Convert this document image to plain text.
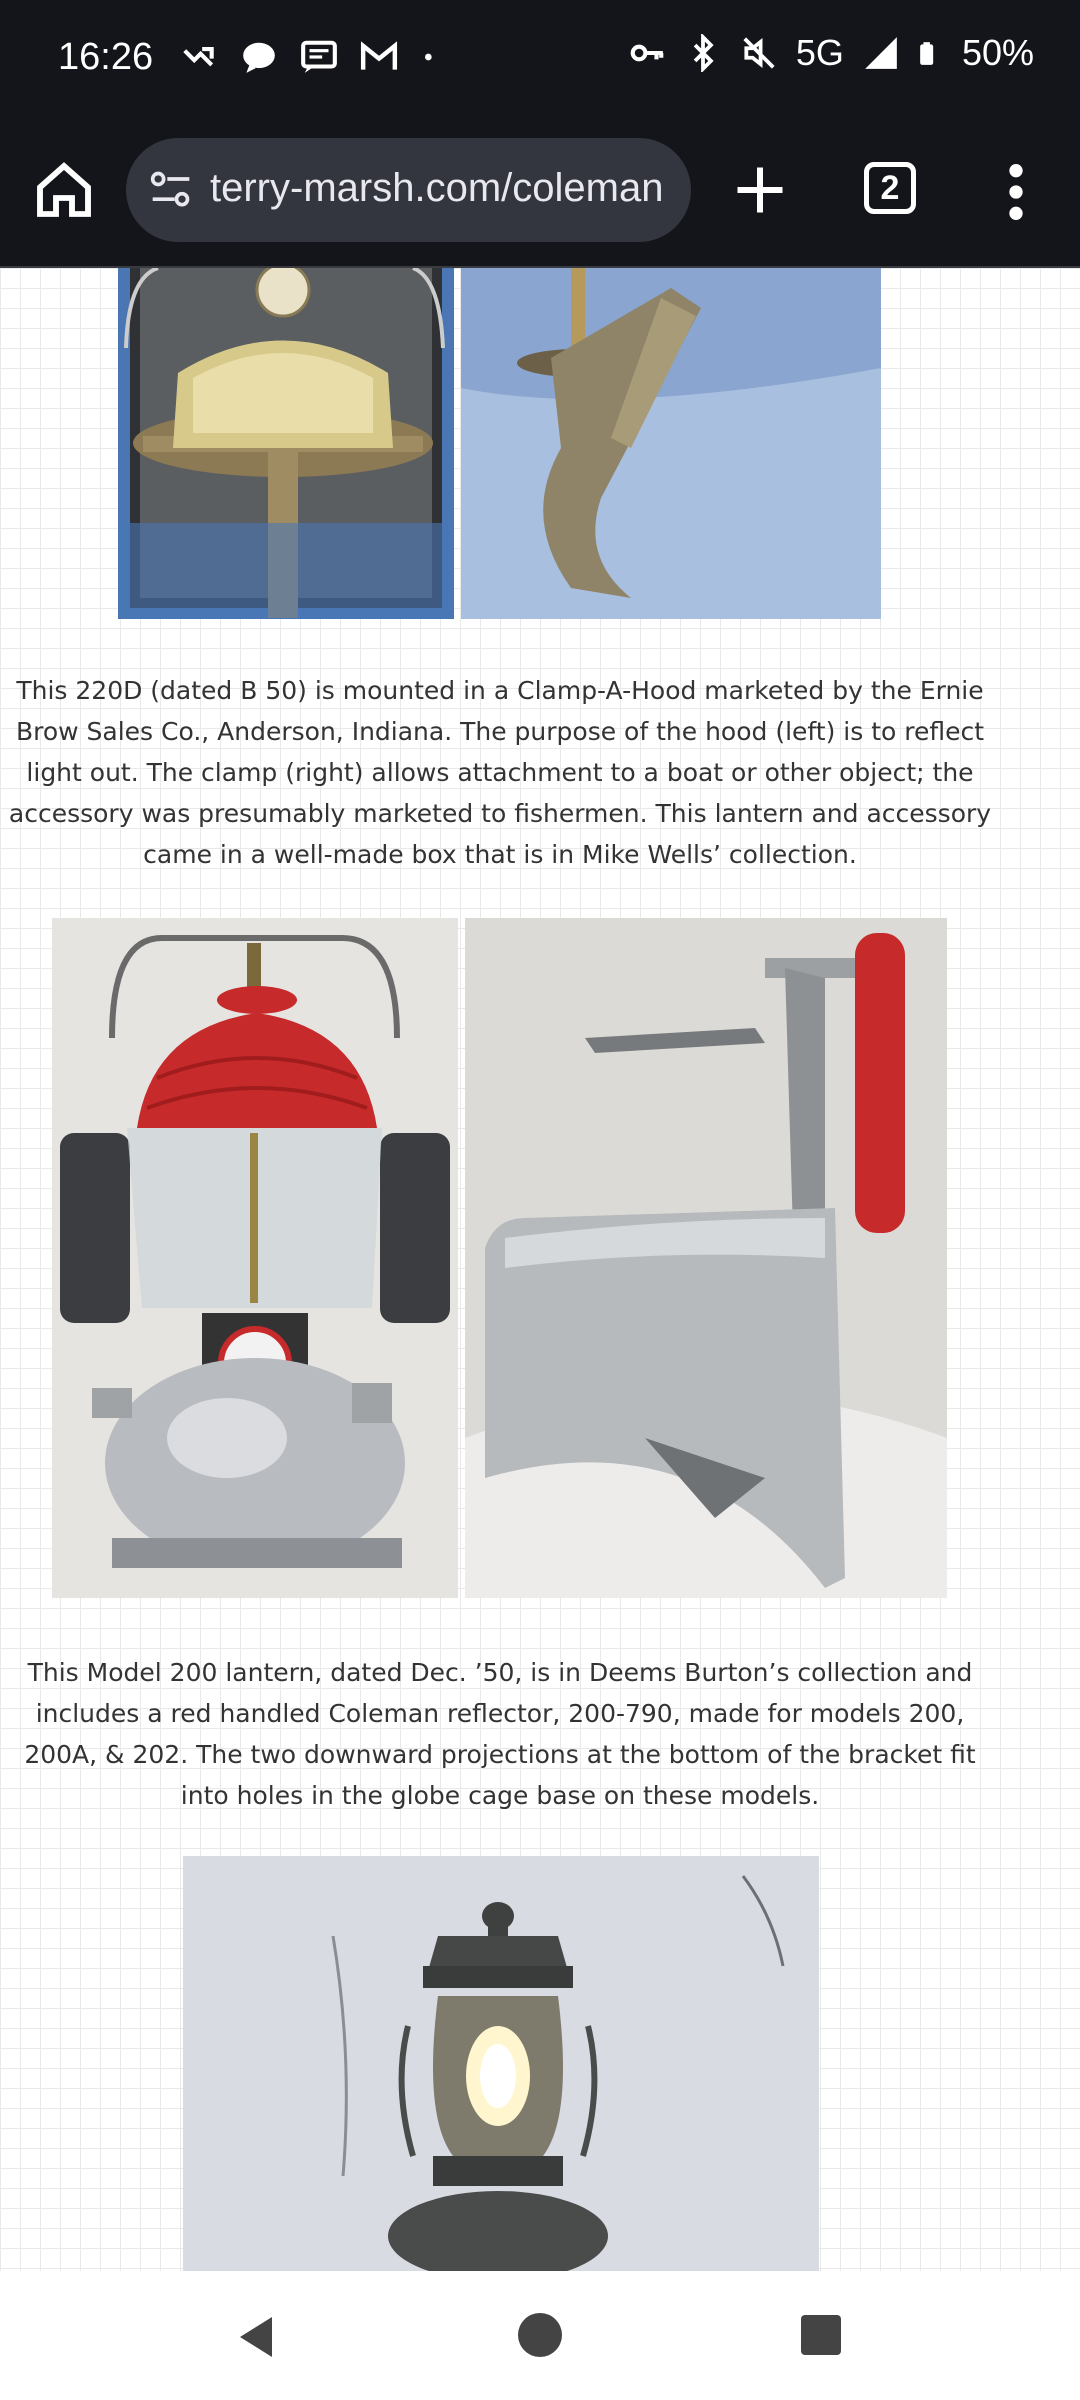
16:26	5G	50%
terry-marsh.com/coleman	2

This 220D (dated B 50) is mounted in a Clamp-A-Hood marketed by the Ernie Brow Sales Co., Anderson, Indiana. The purpose of the hood (left) is to reflect light out. The clamp (right) allows attachment to a boat or other object; the accessory was presumably marketed to fishermen. This lantern and accessory came in a well-made box that is in Mike Wells’ collection.

This Model 200 lantern, dated Dec. ’50, is in Deems Burton’s collection and includes a red handled Coleman reflector, 200-790, made for models 200, 200A, & 202. The two downward projections at the bottom of the bracket fit into holes in the globe cage base on these models.
